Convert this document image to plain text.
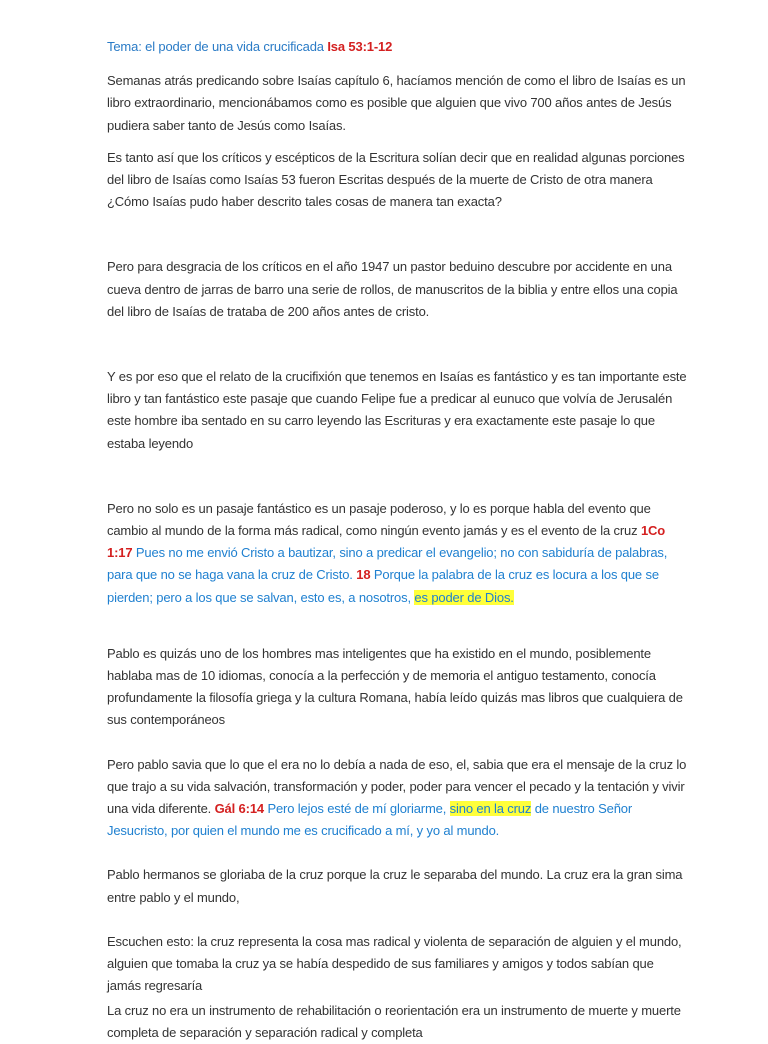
Tema: el poder de una vida crucificada Isa 53:1-12

Semanas atrás predicando sobre Isaías capítulo 6, hacíamos mención de como el libro de Isaías es un libro extraordinario, mencionábamos como es posible que alguien que vivo 700 años antes de Jesús pudiera saber tanto de Jesús como Isaías.

Es tanto así que los críticos y escépticos de la Escritura solían decir que en realidad algunas porciones del libro de Isaías como Isaías 53 fueron Escritas después de la muerte de Cristo de otra manera ¿Cómo Isaías pudo haber descrito tales cosas de manera tan exacta?

Pero para desgracia de los críticos en el año 1947 un pastor beduino descubre por accidente en una cueva dentro de jarras de barro una serie de rollos, de manuscritos de la biblia y entre ellos una copia del libro de Isaías de trataba de 200 años antes de cristo.

Y es por eso que el relato de la crucifixión que tenemos en Isaías es fantástico y es tan importante este libro y tan fantástico este pasaje que cuando Felipe fue a predicar al eunuco que volvía de Jerusalén este hombre iba sentado en su carro leyendo las Escrituras y era exactamente este pasaje lo que estaba leyendo

Pero no solo es un pasaje fantástico es un pasaje poderoso, y lo es porque habla del evento que cambio al mundo de la forma más radical, como ningún evento jamás y es el evento de la cruz 1Co 1:17 Pues no me envió Cristo a bautizar, sino a predicar el evangelio; no con sabiduría de palabras, para que no se haga vana la cruz de Cristo. 18 Porque la palabra de la cruz es locura a los que se pierden; pero a los que se salvan, esto es, a nosotros, es poder de Dios.

Pablo es quizás uno de los hombres mas inteligentes que ha existido en el mundo, posiblemente hablaba mas de 10 idiomas, conocía a la perfección y de memoria el antiguo testamento, conocía profundamente la filosofía griega y la cultura Romana, había leído quizás mas libros que cualquiera de sus contemporáneos

Pero pablo savia que lo que el era no lo debía a nada de eso, el, sabia que era el mensaje de la cruz lo que trajo a su vida salvación, transformación y poder, poder para vencer el pecado y la tentación y vivir una vida diferente. Gál 6:14 Pero lejos esté de mí gloriarme, sino en la cruz de nuestro Señor Jesucristo, por quien el mundo me es crucificado a mí, y yo al mundo.

Pablo hermanos se gloriaba de la cruz porque la cruz le separaba del mundo. La cruz era la gran sima entre pablo y el mundo,

Escuchen esto: la cruz representa la cosa mas radical y violenta de separación de alguien y el mundo, alguien que tomaba la cruz ya se había despedido de sus familiares y amigos y todos sabían que jamás regresaría

La cruz no era un instrumento de rehabilitación o reorientación era un instrumento de muerte y muerte completa de separación y separación radical y completa
